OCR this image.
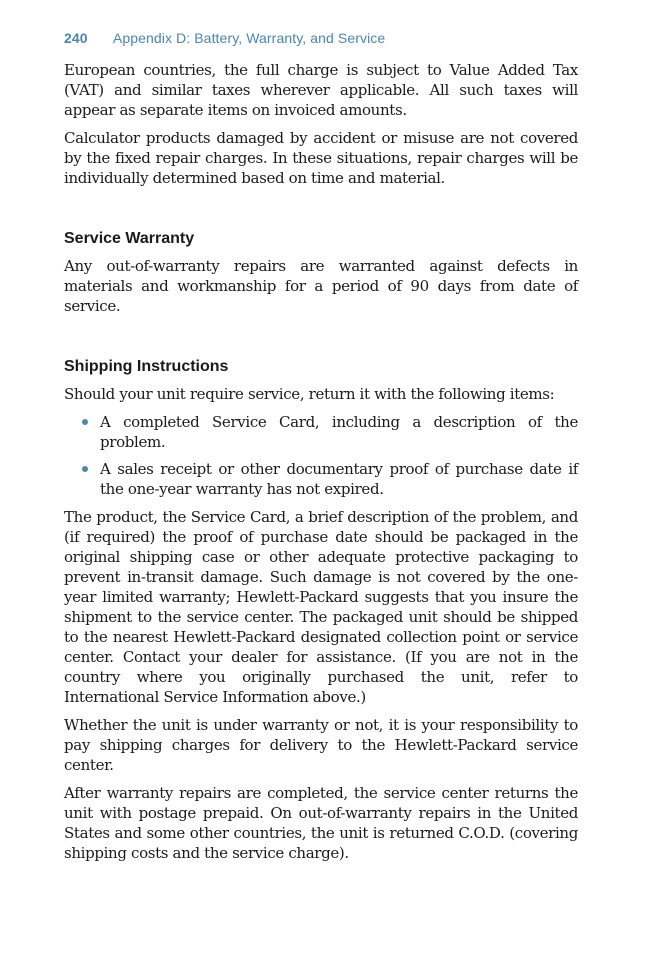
240 Appendix D: Battery, Warranty, and Service

European countries, the full charge is subject to Value Added Tax (VAT) and similar taxes wherever applicable. All such taxes will appear as separate items on invoiced amounts.

Calculator products damaged by accident or misuse are not covered by the fixed repair charges. In these situations, repair charges will be individually determined based on time and material.

Service Warranty

Any out-of-warranty repairs are warranted against defects in materials and workmanship for a period of 90 days from date of service.

Shipping Instructions

Should your unit require service, return it with the following items:

A completed Service Card, including a description of the problem.

A sales receipt or other documentary proof of purchase date if the one-year warranty has not expired.

The product, the Service Card, a brief description of the problem, and (if required) the proof of purchase date should be packaged in the original shipping case or other adequate protective packaging to prevent in-transit damage. Such damage is not covered by the one-year limited warranty; Hewlett-Packard suggests that you insure the shipment to the service center. The packaged unit should be shipped to the nearest Hewlett-Packard designated collection point or service center. Contact your dealer for assistance. (If you are not in the country where you originally purchased the unit, refer to International Service Information above.)

Whether the unit is under warranty or not, it is your responsibility to pay shipping charges for delivery to the Hewlett-Packard service center.

After warranty repairs are completed, the service center returns the unit with postage prepaid. On out-of-warranty repairs in the United States and some other countries, the unit is returned C.O.D. (covering shipping costs and the service charge).
